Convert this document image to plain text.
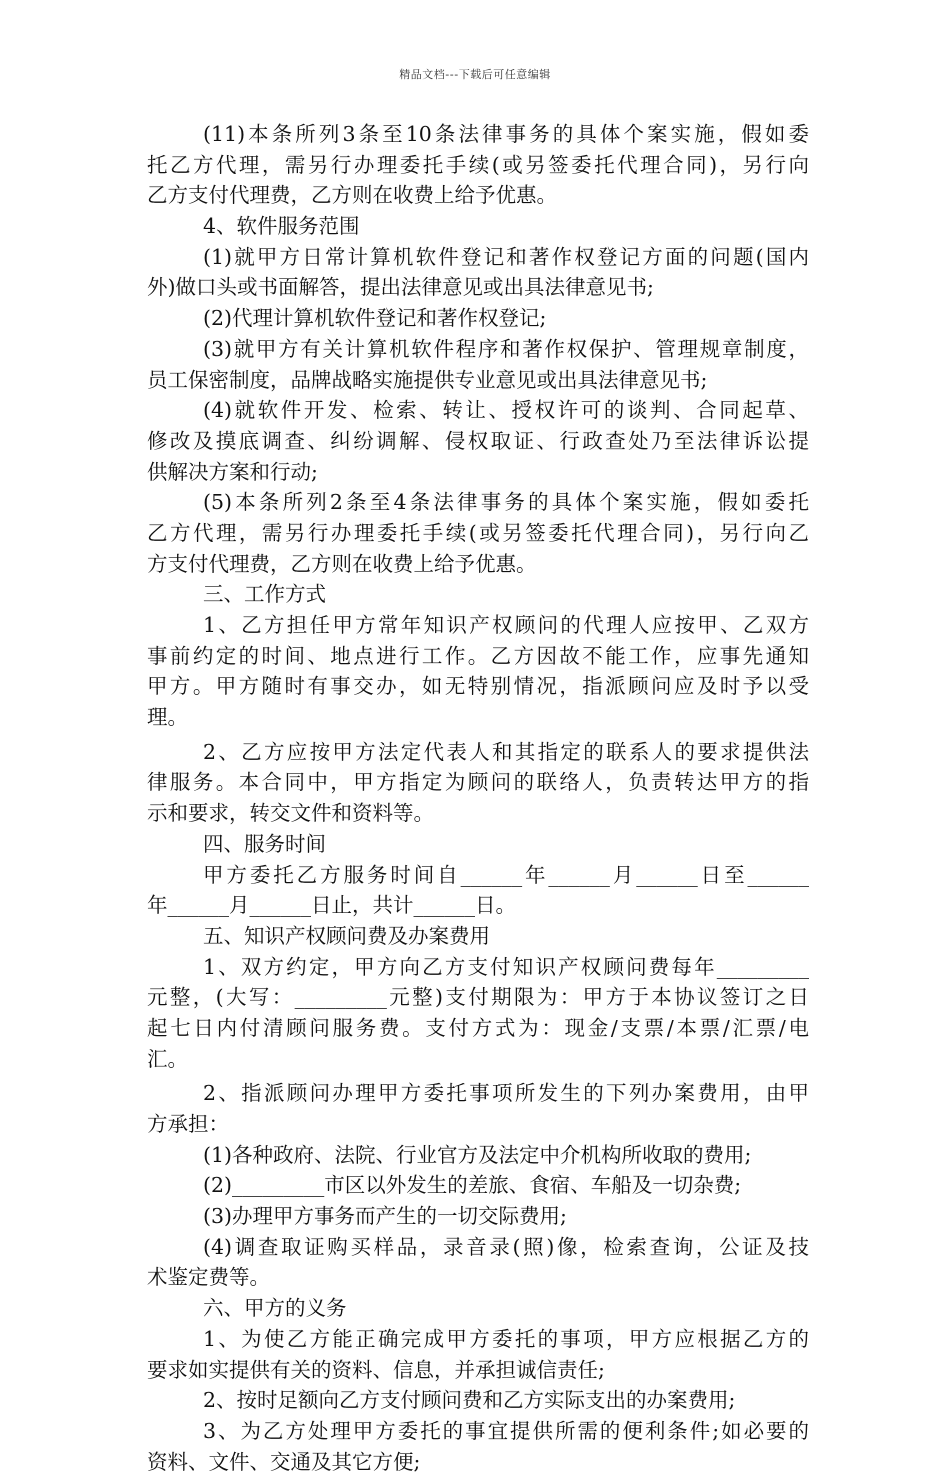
精品文档---下载后可任意编辑
(11)本条所列3条至10条法律事务的具体个案实施，假如委
托乙方代理，需另行办理委托手续(或另签委托代理合同)，另行向
乙方支付代理费，乙方则在收费上给予优惠。
4、软件服务范围
(1)就甲方日常计算机软件登记和著作权登记方面的问题(国内
外)做口头或书面解答，提出法律意见或出具法律意见书;
(2)代理计算机软件登记和著作权登记;
(3)就甲方有关计算机软件程序和著作权保护、管理规章制度，
员工保密制度，品牌战略实施提供专业意见或出具法律意见书;
(4)就软件开发、检索、转让、授权许可的谈判、合同起草、
修改及摸底调查、纠纷调解、侵权取证、行政查处乃至法律诉讼提
供解决方案和行动;
(5)本条所列2条至4条法律事务的具体个案实施，假如委托
乙方代理，需另行办理委托手续(或另签委托代理合同)，另行向乙
方支付代理费，乙方则在收费上给予优惠。
三、工作方式
1、乙方担任甲方常年知识产权顾问的代理人应按甲、乙双方
事前约定的时间、地点进行工作。乙方因故不能工作，应事先通知
甲方。甲方随时有事交办，如无特别情况，指派顾问应及时予以受
理。
2、乙方应按甲方法定代表人和其指定的联系人的要求提供法
律服务。本合同中，甲方指定为顾问的联络人，负责转达甲方的指
示和要求，转交文件和资料等。
四、服务时间
甲方委托乙方服务时间自______年______月______日至______
年______月______日止，共计______日。
五、知识产权顾问费及办案费用
1、双方约定，甲方向乙方支付知识产权顾问费每年_________
元整，(大写：_________元整)支付期限为：甲方于本协议签订之日
起七日内付清顾问服务费。支付方式为：现金/支票/本票/汇票/电
汇。
2、指派顾问办理甲方委托事项所发生的下列办案费用，由甲
方承担：
(1)各种政府、法院、行业官方及法定中介机构所收取的费用;
(2)_________市区以外发生的差旅、食宿、车船及一切杂费;
(3)办理甲方事务而产生的一切交际费用;
(4)调查取证购买样品，录音录(照)像，检索查询，公证及技
术鉴定费等。
六、甲方的义务
1、为使乙方能正确完成甲方委托的事项，甲方应根据乙方的
要求如实提供有关的资料、信息，并承担诚信责任;
2、按时足额向乙方支付顾问费和乙方实际支出的办案费用;
3、为乙方处理甲方委托的事宜提供所需的便利条件;如必要的
资料、文件、交通及其它方便;
